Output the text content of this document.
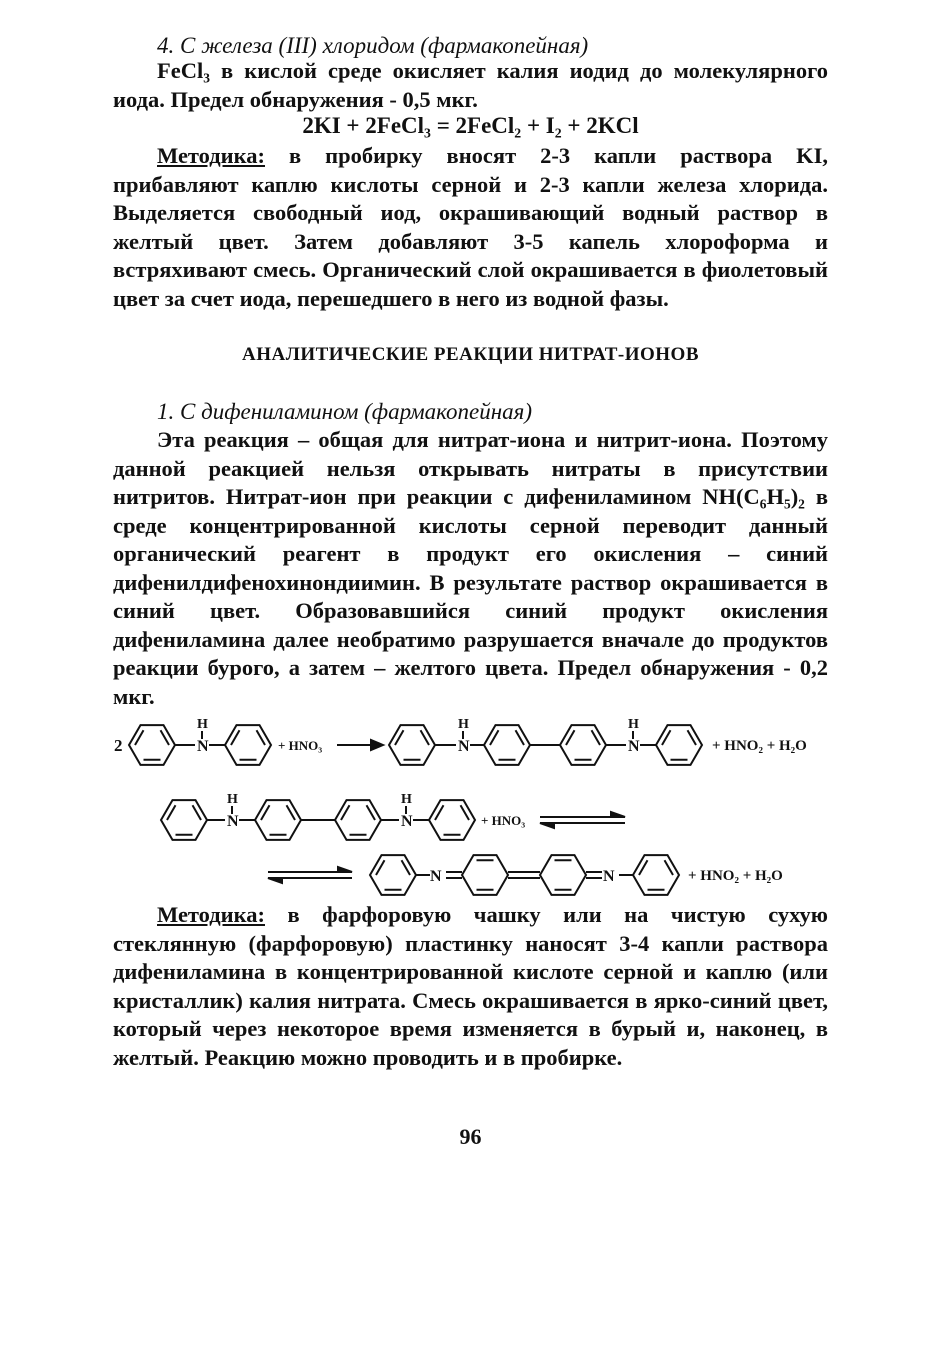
4. С железа (III) хлоридом (фармакопейная)

FeCl₃ в кислой среде окисляет калия иодид до молекулярного иода. Предел обнаружения - 0,5 мкг.

2KI + 2FeCl₃ = 2FeCl₂ + I₂ + 2KCl

Методика: в пробирку вносят 2-3 капли раствора KI, прибавляют каплю кислоты серной и 2-3 капли железа хлорида. Выделяется свободный иод, окрашивающий водный раствор в желтый цвет. Затем добавляют 3-5 капель хлороформа и встряхивают смесь. Органический слой окрашивается в фиолетовый цвет за счет иода, перешедшего в него из водной фазы.

АНАЛИТИЧЕСКИЕ РЕАКЦИИ НИТРАТ-ИОНОВ
1. С дифениламином (фармакопейная)

Эта реакция – общая для нитрат-иона и нитрит-иона. Поэтому данной реакцией нельзя открывать нитраты в присутствии нитритов. Нитрат-ион при реакции с дифениламином NH(C₆H₅)₂ в среде концентрированной кислоты серной переводит данный органический реагент в продукт его окисления – синий дифенилдифенохинондиимин. В результате раствор окрашивается в синий цвет. Образовавшийся синий продукт окисления дифениламина далее необратимо разрушается вначале до продуктов реакции бурого, а затем – желтого цвета. Предел обнаружения - 0,2 мкг.

2	N
H
+ HNO₃	N
H
N
H
+ HNO₂ + H₂O
N
H
N
H
+ HNO₃
N	N	+ HNO₂ + H₂O

Методика: в фарфоровую чашку или на чистую сухую стеклянную (фарфоровую) пластинку наносят 3-4 капли раствора дифениламина в концентрированной кислоте серной и каплю (или кристаллик) калия нитрата. Смесь окрашивается в ярко-синий цвет, который через некоторое время изменяется в бурый и, наконец, в желтый. Реакцию можно проводить и в пробирке.

96
